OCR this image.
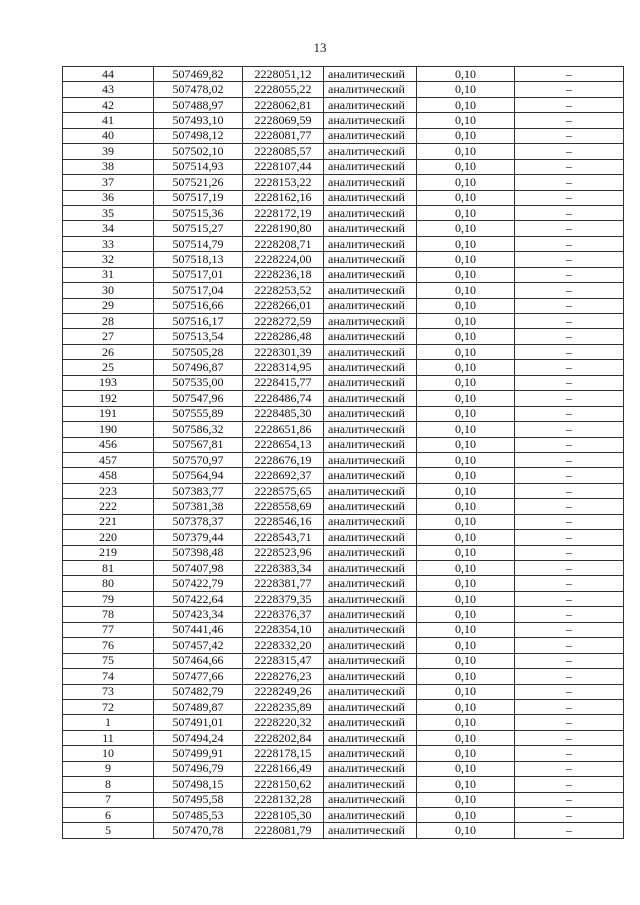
13
44	507469,82	2228051,12	аналитический	0,10	–
43	507478,02	2228055,22	аналитический	0,10	–
42	507488,97	2228062,81	аналитический	0,10	–
41	507493,10	2228069,59	аналитический	0,10	–
40	507498,12	2228081,77	аналитический	0,10	–
39	507502,10	2228085,57	аналитический	0,10	–
38	507514,93	2228107,44	аналитический	0,10	–
37	507521,26	2228153,22	аналитический	0,10	–
36	507517,19	2228162,16	аналитический	0,10	–
35	507515,36	2228172,19	аналитический	0,10	–
34	507515,27	2228190,80	аналитический	0,10	–
33	507514,79	2228208,71	аналитический	0,10	–
32	507518,13	2228224,00	аналитический	0,10	–
31	507517,01	2228236,18	аналитический	0,10	–
30	507517,04	2228253,52	аналитический	0,10	–
29	507516,66	2228266,01	аналитический	0,10	–
28	507516,17	2228272,59	аналитический	0,10	–
27	507513,54	2228286,48	аналитический	0,10	–
26	507505,28	2228301,39	аналитический	0,10	–
25	507496,87	2228314,95	аналитический	0,10	–
193	507535,00	2228415,77	аналитический	0,10	–
192	507547,96	2228486,74	аналитический	0,10	–
191	507555,89	2228485,30	аналитический	0,10	–
190	507586,32	2228651,86	аналитический	0,10	–
456	507567,81	2228654,13	аналитический	0,10	–
457	507570,97	2228676,19	аналитический	0,10	–
458	507564,94	2228692,37	аналитический	0,10	–
223	507383,77	2228575,65	аналитический	0,10	–
222	507381,38	2228558,69	аналитический	0,10	–
221	507378,37	2228546,16	аналитический	0,10	–
220	507379,44	2228543,71	аналитический	0,10	–
219	507398,48	2228523,96	аналитический	0,10	–
81	507407,98	2228383,34	аналитический	0,10	–
80	507422,79	2228381,77	аналитический	0,10	–
79	507422,64	2228379,35	аналитический	0,10	–
78	507423,34	2228376,37	аналитический	0,10	–
77	507441,46	2228354,10	аналитический	0,10	–
76	507457,42	2228332,20	аналитический	0,10	–
75	507464,66	2228315,47	аналитический	0,10	–
74	507477,66	2228276,23	аналитический	0,10	–
73	507482,79	2228249,26	аналитический	0,10	–
72	507489,87	2228235,89	аналитический	0,10	–
1	507491,01	2228220,32	аналитический	0,10	–
11	507494,24	2228202,84	аналитический	0,10	–
10	507499,91	2228178,15	аналитический	0,10	–
9	507496,79	2228166,49	аналитический	0,10	–
8	507498,15	2228150,62	аналитический	0,10	–
7	507495,58	2228132,28	аналитический	0,10	–
6	507485,53	2228105,30	аналитический	0,10	–
5	507470,78	2228081,79	аналитический	0,10	–
